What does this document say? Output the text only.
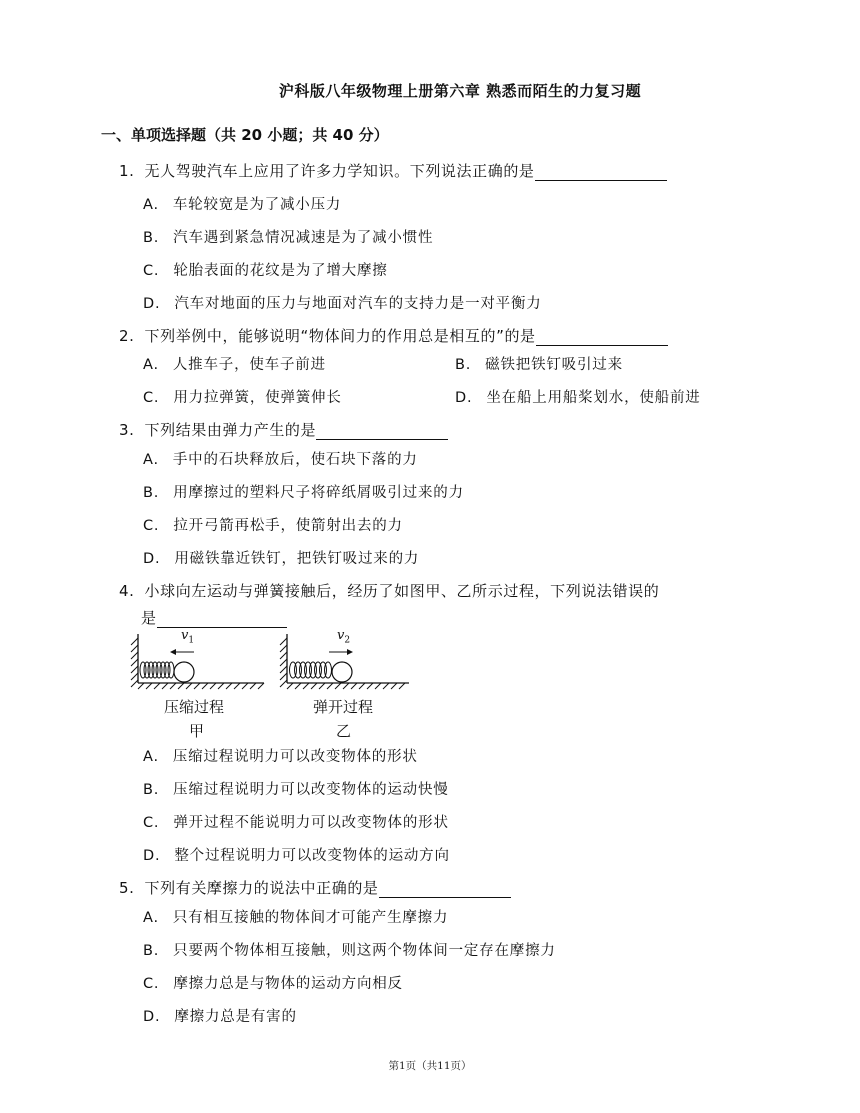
沪科版八年级物理上册第六章 熟悉而陌生的力复习题
一、单项选择题（共 20 小题；共 40 分）
1. 无人驾驶汽车上应用了许多力学知识。下列说法正确的是
A. 车轮较宽是为了减小压力
B. 汽车遇到紧急情况减速是为了减小惯性
C. 轮胎表面的花纹是为了增大摩擦
D. 汽车对地面的压力与地面对汽车的支持力是一对平衡力
2. 下列举例中，能够说明“物体间力的作用总是相互的”的是
A. 人推车子，使车子前进	B. 磁铁把铁钉吸引过来
C. 用力拉弹簧，使弹簧伸长	D. 坐在船上用船桨划水，使船前进
3. 下列结果由弹力产生的是
A. 手中的石块释放后，使石块下落的力
B. 用摩擦过的塑料尺子将碎纸屑吸引过来的力
C. 拉开弓箭再松手，使箭射出去的力
D. 用磁铁靠近铁钉，把铁钉吸过来的力
4. 小球向左运动与弹簧接触后，经历了如图甲、乙所示过程，下列说法错误的
是
$v_1$	$v_2$
压缩过程	弹开过程
甲	乙
A. 压缩过程说明力可以改变物体的形状
B. 压缩过程说明力可以改变物体的运动快慢
C. 弹开过程不能说明力可以改变物体的形状
D. 整个过程说明力可以改变物体的运动方向
5. 下列有关摩擦力的说法中正确的是
A. 只有相互接触的物体间才可能产生摩擦力
B. 只要两个物体相互接触，则这两个物体间一定存在摩擦力
C. 摩擦力总是与物体的运动方向相反
D. 摩擦力总是有害的
第1页（共11页）
